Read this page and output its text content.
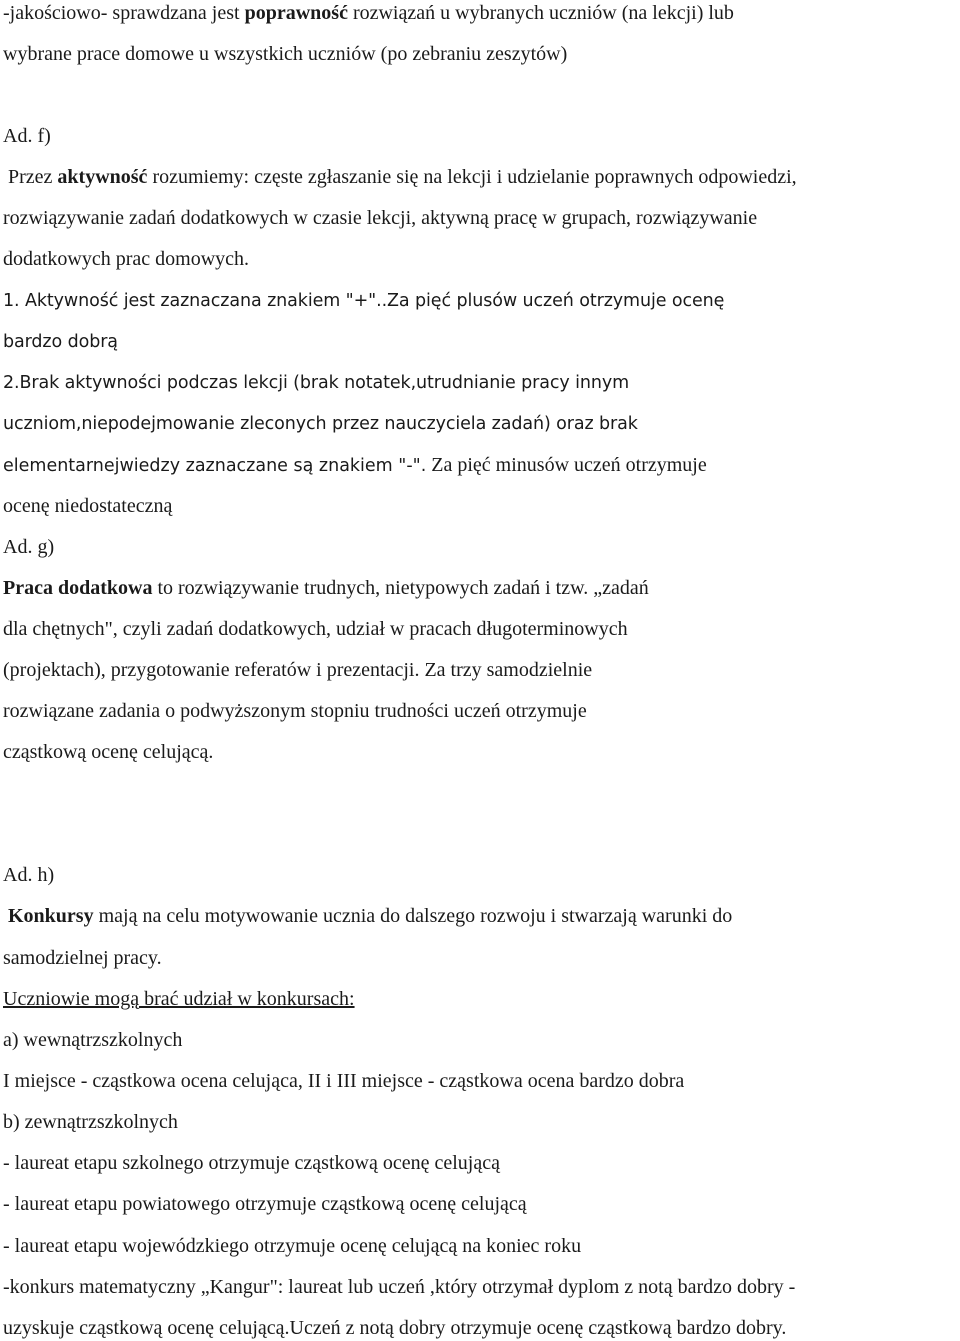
-jakościowo- sprawdzana jest poprawność rozwiązań u wybranych uczniów (na lekcji) lub
wybrane prace domowe u wszystkich uczniów (po zebraniu zeszytów)
Ad. f)
Przez aktywność rozumiemy: częste zgłaszanie się na lekcji i udzielanie poprawnych odpowiedzi,
rozwiązywanie zadań dodatkowych w czasie lekcji, aktywną pracę w grupach, rozwiązywanie
dodatkowych prac domowych.
1. Aktywność jest zaznaczana znakiem "+"..Za pięć plusów uczeń otrzymuje ocenę
bardzo dobrą
2.Brak aktywności podczas lekcji (brak notatek,utrudnianie pracy innym
uczniom,niepodejmowanie zleconych przez nauczyciela zadań) oraz brak
elementarnejwiedzy zaznaczane są znakiem "-". Za pięć minusów uczeń otrzymuje
ocenę niedostateczną
Ad. g)
Praca dodatkowa to rozwiązywanie trudnych, nietypowych zadań i tzw. „zadań
dla chętnych", czyli zadań dodatkowych, udział w pracach długoterminowych
(projektach), przygotowanie referatów i prezentacji. Za trzy samodzielnie
rozwiązane zadania o podwyższonym stopniu trudności uczeń otrzymuje
cząstkową ocenę celującą.
Ad. h)
Konkursy mają na celu motywowanie ucznia do dalszego rozwoju i stwarzają warunki do
samodzielnej pracy.
Uczniowie mogą brać udział w konkursach:
a) wewnątrzszkolnych
I miejsce - cząstkowa ocena celująca, II i III miejsce - cząstkowa ocena bardzo dobra
b) zewnątrzszkolnych
- laureat etapu szkolnego otrzymuje cząstkową ocenę celującą
- laureat etapu powiatowego otrzymuje cząstkową ocenę celującą
- laureat etapu wojewódzkiego otrzymuje ocenę celującą na koniec roku
-konkurs matematyczny „Kangur": laureat lub uczeń ,który otrzymał dyplom z notą bardzo dobry -
uzyskuje cząstkową ocenę celującą.Uczeń z notą dobry otrzymuje ocenę cząstkową bardzo dobry.
